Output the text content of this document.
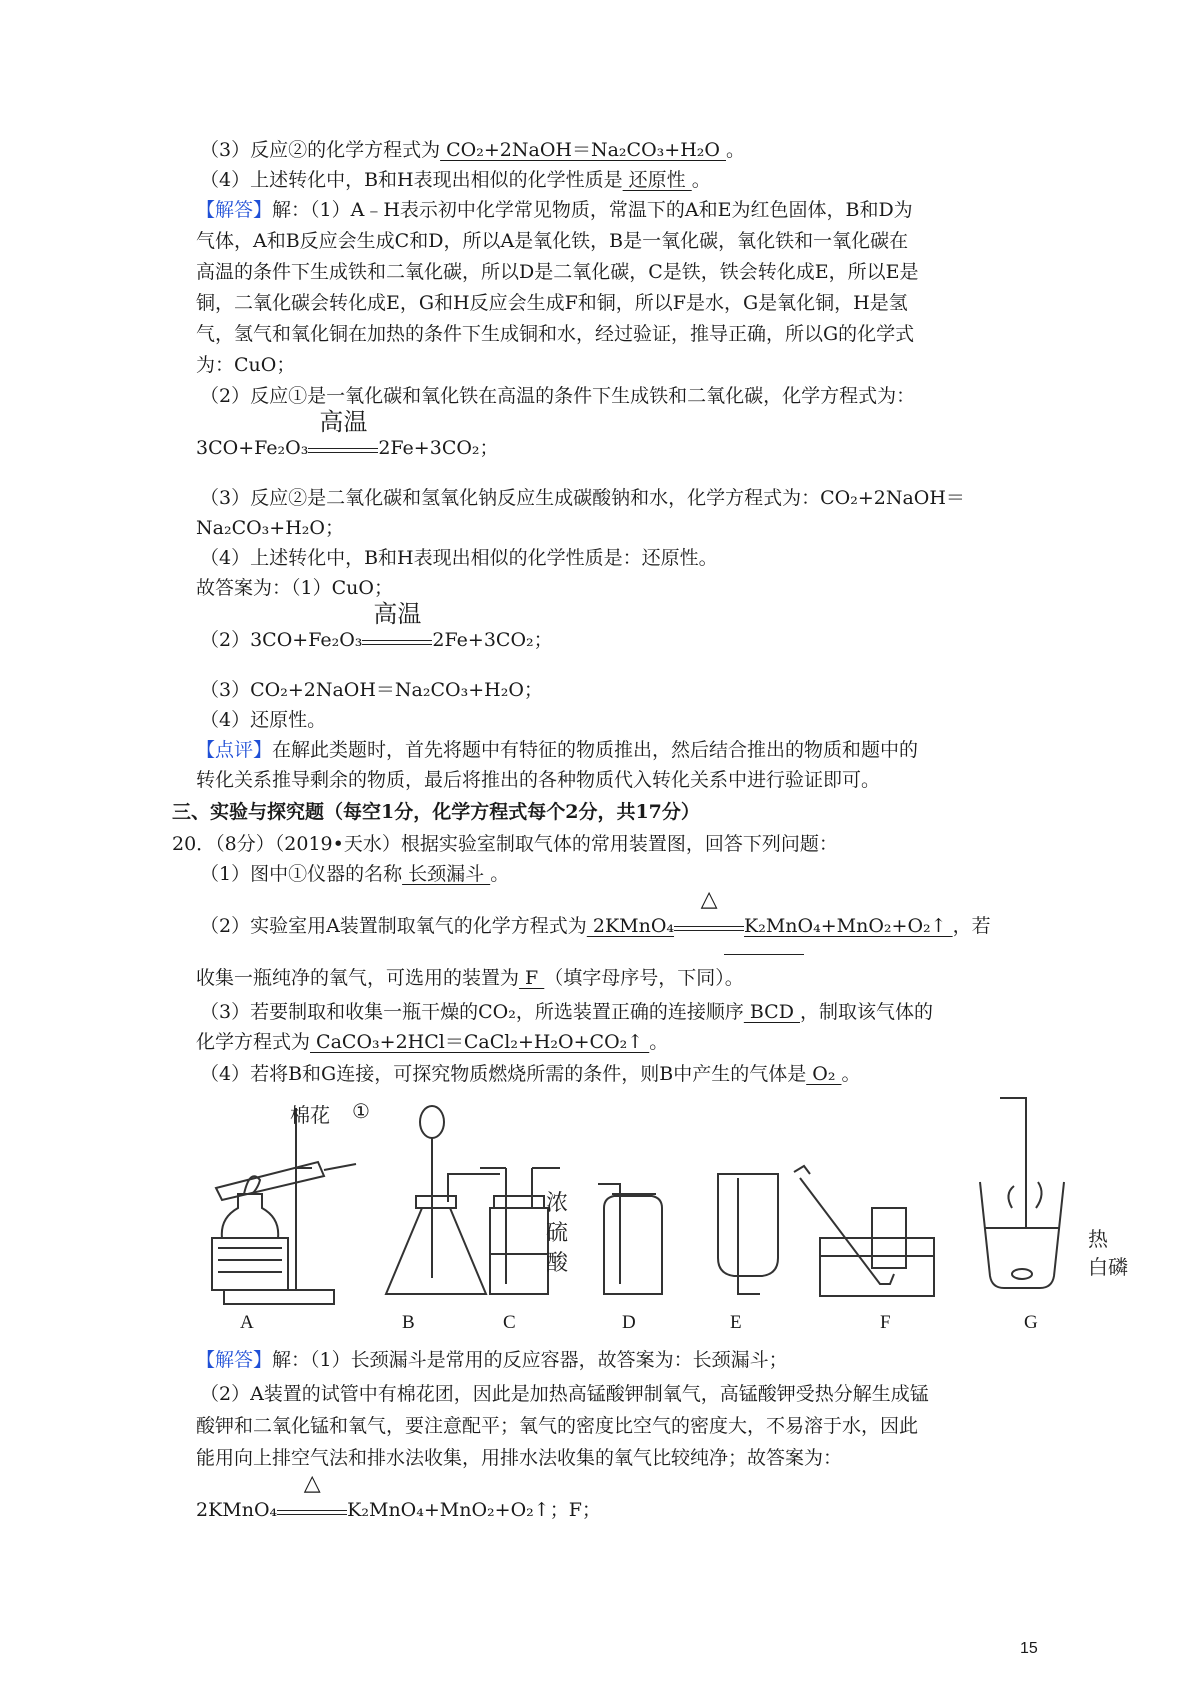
（3）反应②的化学方程式为 CO₂+2NaOH＝Na₂CO₃+H₂O 。
（4）上述转化中，B和H表现出相似的化学性质是 还原性 。
【解答】解：（1）A﹣H表示初中化学常见物质，常温下的A和E为红色固体，B和D为
气体，A和B反应会生成C和D，所以A是氧化铁，B是一氧化碳，氧化铁和一氧化碳在
高温的条件下生成铁和二氧化碳，所以D是二氧化碳，C是铁，铁会转化成E，所以E是
铜，二氧化碳会转化成E，G和H反应会生成F和铜，所以F是水，G是氧化铜，H是氢
气，氢气和氧化铜在加热的条件下生成铜和水，经过验证，推导正确，所以G的化学式
为：CuO；
（2）反应①是一氧化碳和氧化铁在高温的条件下生成铁和二氧化碳，化学方程式为：
3CO+Fe₂O₃
高温
2Fe+3CO₂；
（3）反应②是二氧化碳和氢氧化钠反应生成碳酸钠和水，化学方程式为：CO₂+2NaOH＝
Na₂CO₃+H₂O；
（4）上述转化中，B和H表现出相似的化学性质是：还原性。
故答案为：（1）CuO；
（2）3CO+Fe₂O₃
高温
2Fe+3CO₂；
（3）CO₂+2NaOH＝Na₂CO₃+H₂O；
（4）还原性。
【点评】在解此类题时，首先将题中有特征的物质推出，然后结合推出的物质和题中的
转化关系推导剩余的物质，最后将推出的各种物质代入转化关系中进行验证即可。
三、实验与探究题（每空1分，化学方程式每个2分，共17分）
20．（8分）（2019•天水）根据实验室制取气体的常用装置图，回答下列问题：
（1）图中①仪器的名称 长颈漏斗 。
（2）实验室用A装置制取氧气的化学方程式为 2KMnO₄
△
K₂MnO₄+MnO₂+O₂↑ ，若
收集一瓶纯净的氧气，可选用的装置为 F （填字母序号，下同）。
（3）若要制取和收集一瓶干燥的CO₂，所选装置正确的连接顺序 BCD ，制取该气体的
化学方程式为 CaCO₃+2HCl＝CaCl₂+H₂O+CO₂↑ 。
（4）若将B和G连接，可探究物质燃烧所需的条件，则B中产生的气体是 O₂ 。
棉花 ①
浓
硫
酸
热
白磷
A	B	C	D	E	F	G
【解答】解：（1）长颈漏斗是常用的反应容器，故答案为：长颈漏斗；
（2）A装置的试管中有棉花团，因此是加热高锰酸钾制氧气，高锰酸钾受热分解生成锰
酸钾和二氧化锰和氧气，要注意配平；氧气的密度比空气的密度大，不易溶于水，因此
能用向上排空气法和排水法收集，用排水法收集的氧气比较纯净；故答案为：
2KMnO₄
△
K₂MnO₄+MnO₂+O₂↑；F；
15
